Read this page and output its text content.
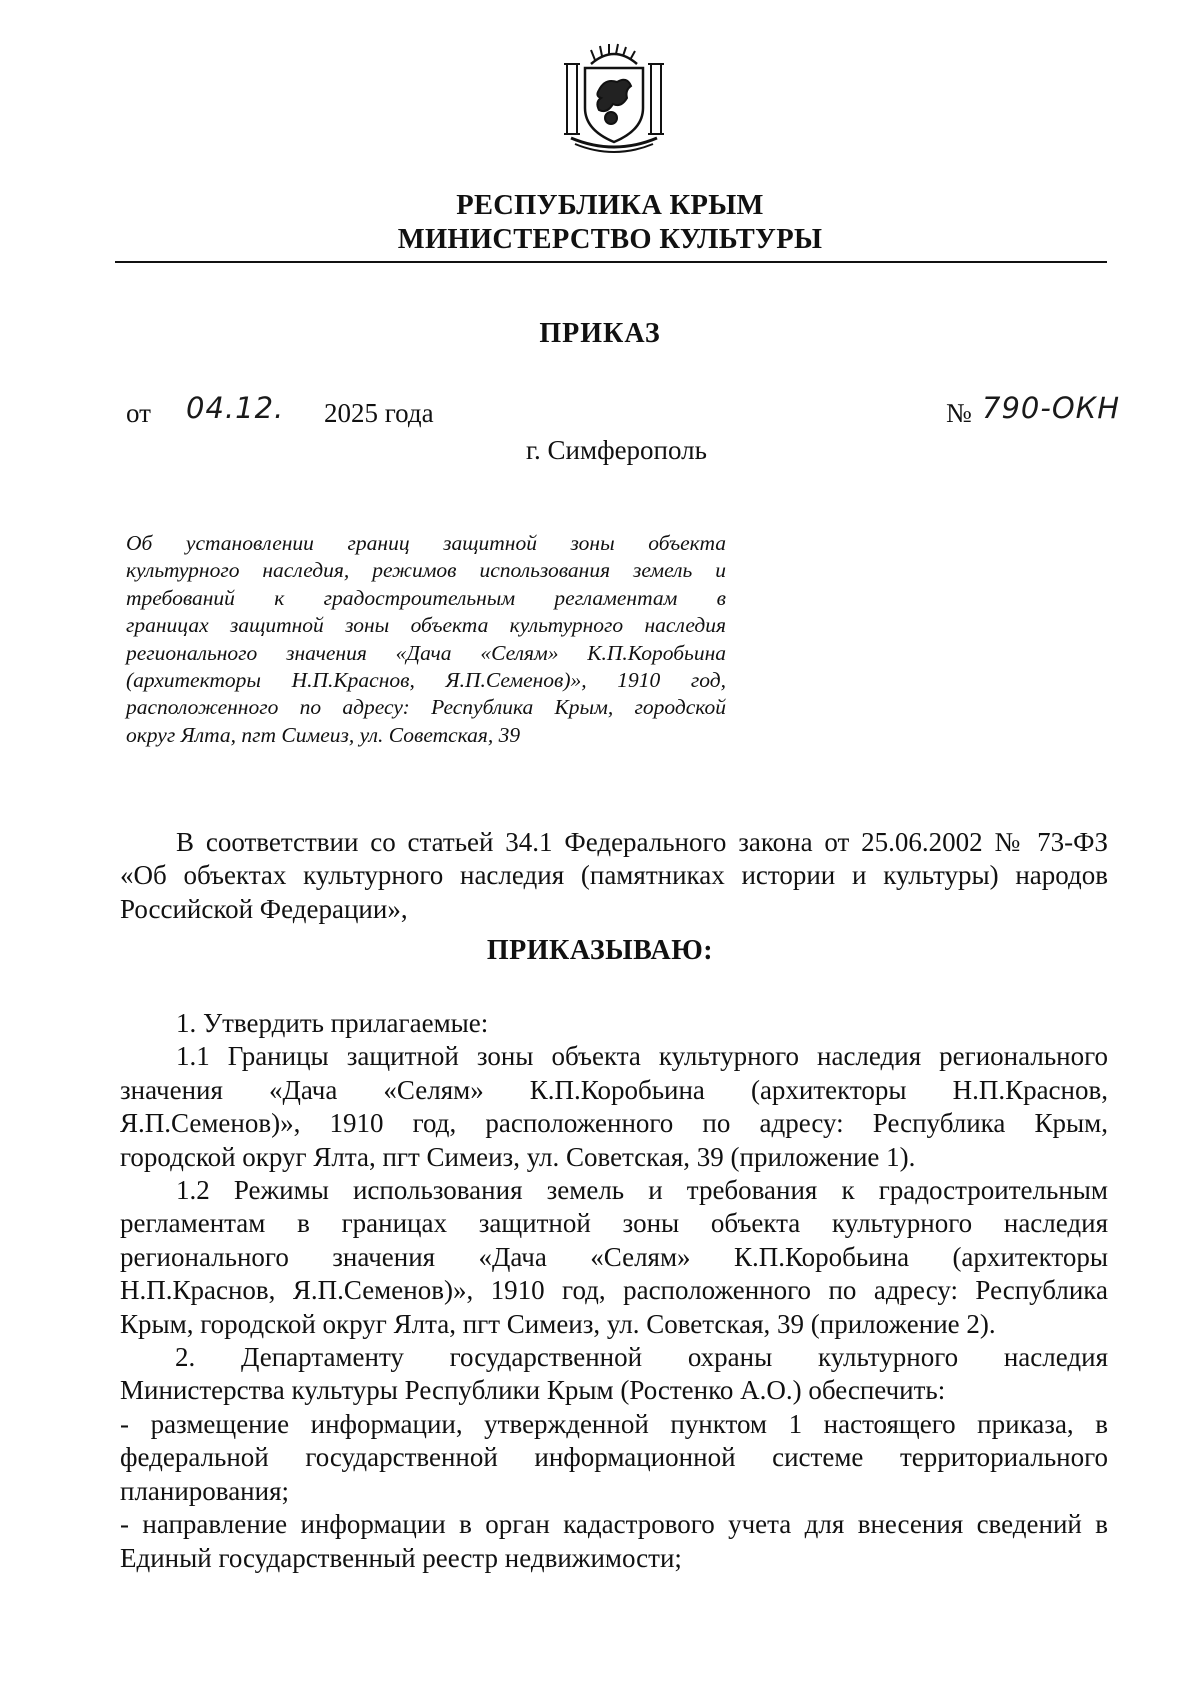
РЕСПУБЛИКА КРЫМ
МИНИСТЕРСТВО КУЛЬТУРЫ
ПРИКАЗ
от 04.12. 2025 года	№ 790-ОКН
г. Симферополь
Об установлении границ защитной зоны объекта
культурного наследия, режимов использования земель и
требований к градостроительным регламентам в
границах защитной зоны объекта культурного наследия
регионального значения «Дача «Селям» К.П.Коробьина
(архитекторы Н.П.Краснов, Я.П.Семенов)», 1910 год,
расположенного по адресу: Республика Крым, городской
округ Ялта, пгт Симеиз, ул. Советская, 39
В соответствии со статьей 34.1 Федерального закона от 25.06.2002 № 73-ФЗ
«Об объектах культурного наследия (памятниках истории и культуры) народов
Российской Федерации»,
ПРИКАЗЫВАЮ:
1. Утвердить прилагаемые:
1.1 Границы защитной зоны объекта культурного наследия регионального
значения «Дача «Селям» К.П.Коробьина (архитекторы Н.П.Краснов,
Я.П.Семенов)», 1910 год, расположенного по адресу: Республика Крым,
городской округ Ялта, пгт Симеиз, ул. Советская, 39 (приложение 1).
1.2 Режимы использования земель и требования к градостроительным
регламентам в границах защитной зоны объекта культурного наследия
регионального значения «Дача «Селям» К.П.Коробьина (архитекторы
Н.П.Краснов, Я.П.Семенов)», 1910 год, расположенного по адресу: Республика
Крым, городской округ Ялта, пгт Симеиз, ул. Советская, 39 (приложение 2).
2. Департаменту государственной охраны культурного наследия
Министерства культуры Республики Крым (Ростенко А.О.) обеспечить:
- размещение информации, утвержденной пунктом 1 настоящего приказа, в
федеральной государственной информационной системе территориального
планирования;
- направление информации в орган кадастрового учета для внесения сведений в
Единый государственный реестр недвижимости;
